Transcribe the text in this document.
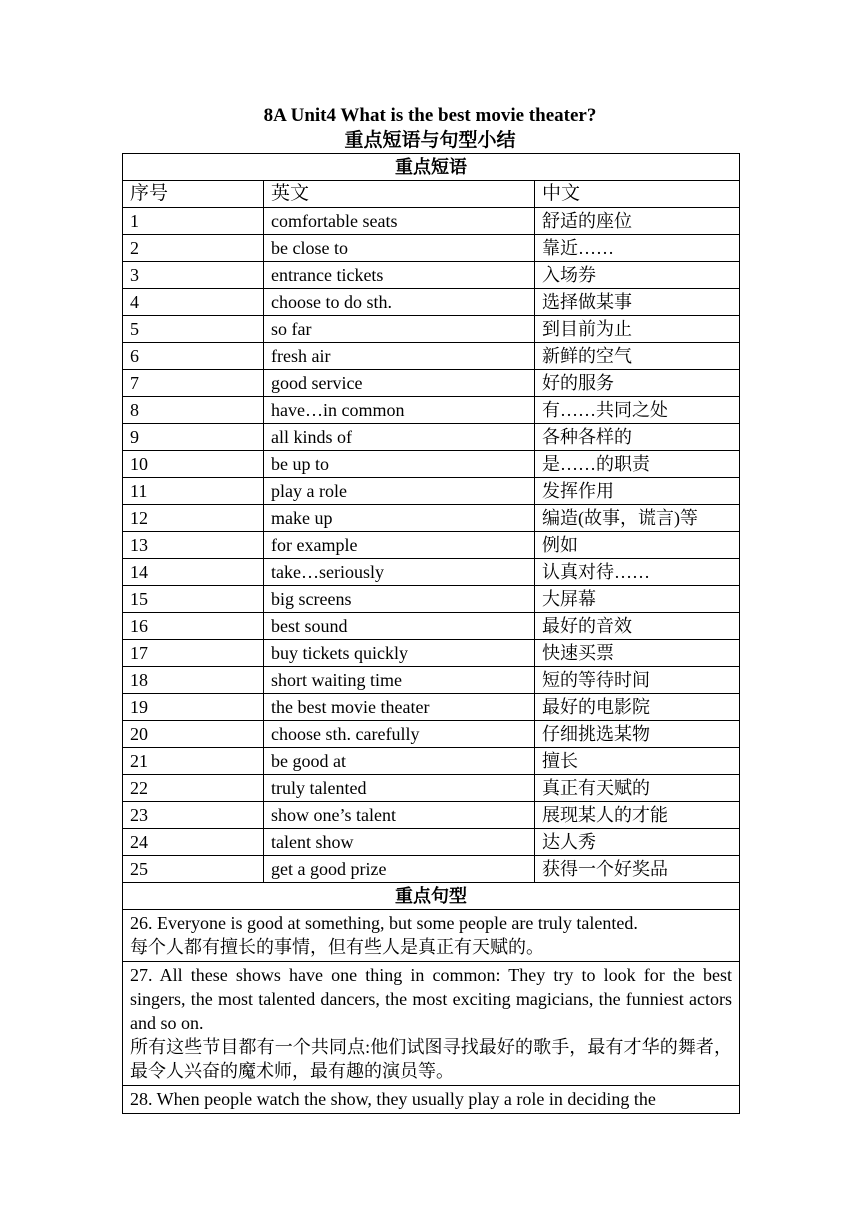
8A Unit4 What is the best movie theater?
重点短语与句型小结
重点短语		
序号	英文	中文
1	comfortable seats	舒适的座位
2	be close to	靠近……
3	entrance tickets	入场券
4	choose to do sth.	选择做某事
5	so far	到目前为止
6	fresh air	新鲜的空气
7	good service	好的服务
8	have…in common	有……共同之处
9	all kinds of	各种各样的
10	be up to	是……的职责
11	play a role	发挥作用
12	make up	编造(故事，谎言)等
13	for example	例如
14	take…seriously	认真对待……
15	big screens	大屏幕
16	best sound	最好的音效
17	buy tickets quickly	快速买票
18	short waiting time	短的等待时间
19	the best movie theater	最好的电影院
20	choose sth. carefully	仔细挑选某物
21	be good at	擅长
22	truly talented	真正有天赋的
23	show one’s talent	展现某人的才能
24	talent show	达人秀
25	get a good prize	获得一个好奖品
重点句型		
26. Everyone is good at something, but some people are truly talented.
每个人都有擅长的事情，但有些人是真正有天赋的。		

27. All these shows have one thing in common: They try to look for the best singers, the most talented dancers, the most exciting magicians, the funniest actors and so on.
所有这些节目都有一个共同点:他们试图寻找最好的歌手，最有才华的舞者，最令人兴奋的魔术师，最有趣的演员等。		

28. When people watch the show, they usually play a role in deciding the		
